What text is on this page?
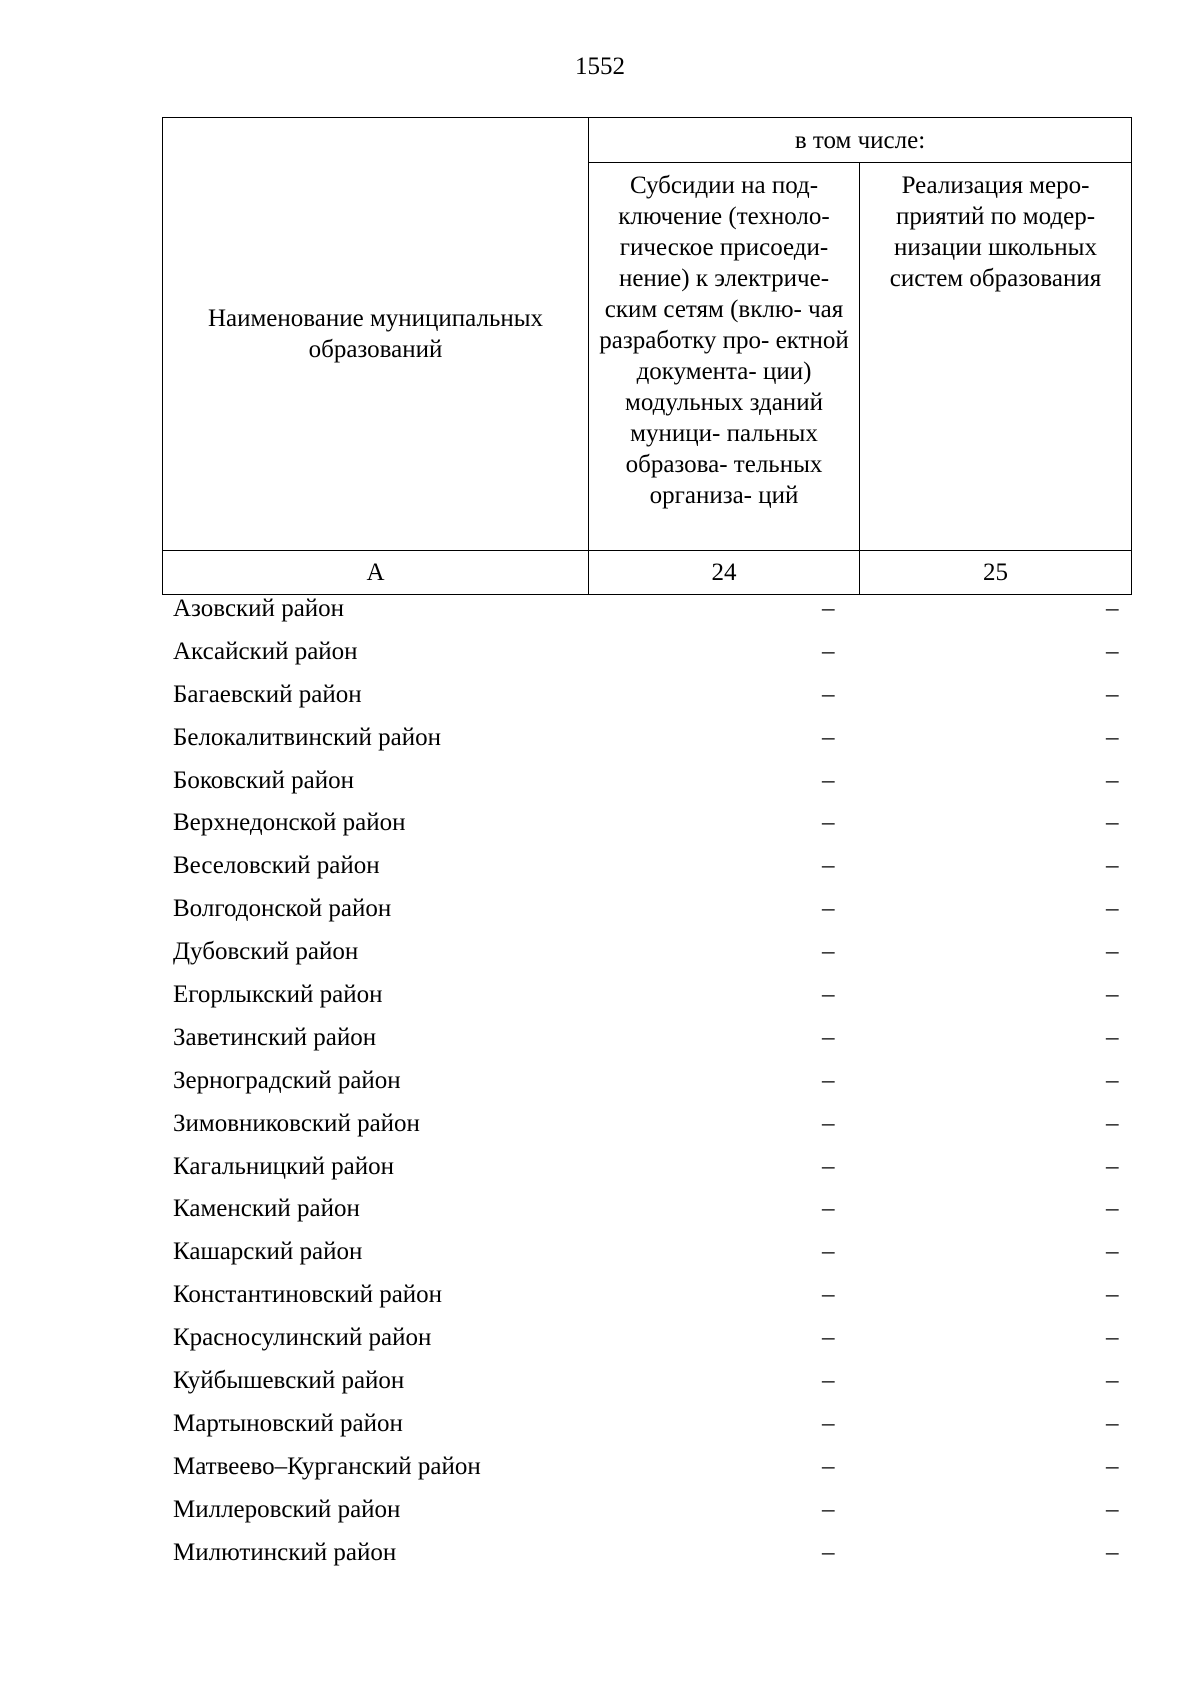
1552
Наименование муниципальных образований	в том числе:	
	Субсидии на под- ключение (техноло- гическое присоеди- нение) к электриче- ским сетям (вклю- чая разработку про- ектной документа- ции) модульных зданий муници- пальных образова- тельных организа- ций	Реализация меро- приятий по модер- низации школьных систем образования
А	24	25
Азовский район	–	–
Аксайский район	–	–
Багаевский район	–	–
Белокалитвинский район	–	–
Боковский район	–	–
Верхнедонской район	–	–
Веселовский район	–	–
Волгодонской район	–	–
Дубовский район	–	–
Егорлыкский район	–	–
Заветинский район	–	–
Зерноградский район	–	–
Зимовниковский район	–	–
Кагальницкий район	–	–
Каменский район	–	–
Кашарский район	–	–
Константиновский район	–	–
Красносулинский район	–	–
Куйбышевский район	–	–
Мартыновский район	–	–
Матвеево–Курганский район	–	–
Миллеровский район	–	–
Милютинский район	–	–
